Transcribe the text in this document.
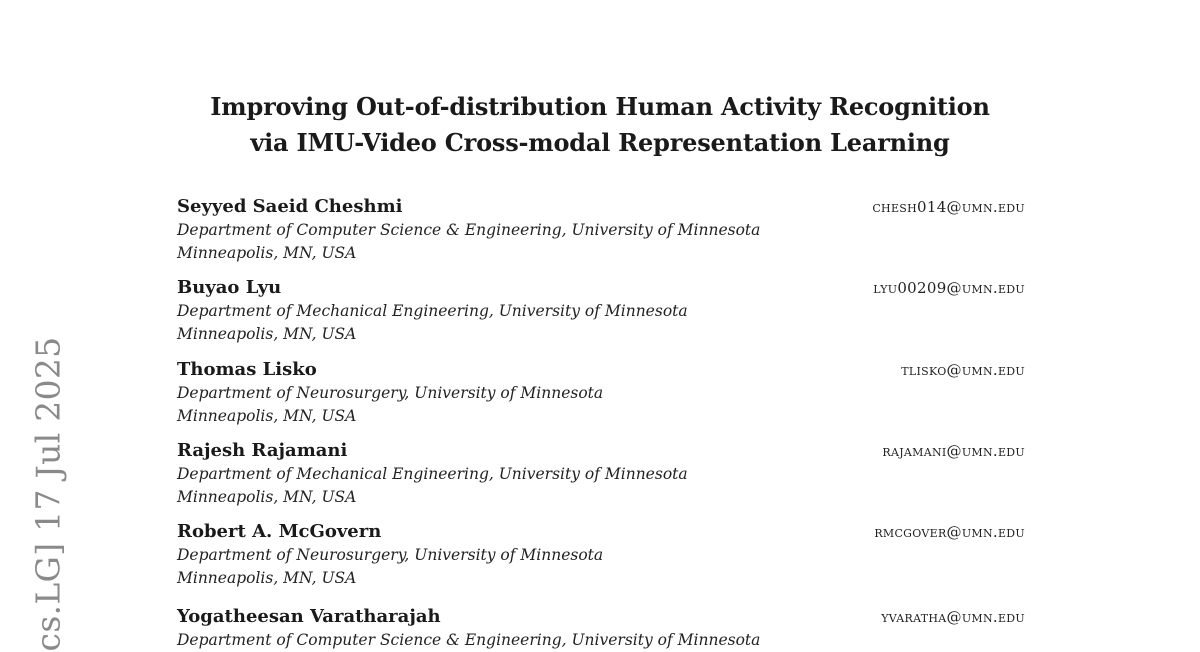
cs.LG] 17 Jul 2025
Improving Out-of-distribution Human Activity Recognition
via IMU-Video Cross-modal Representation Learning
Seyyed Saeid Cheshmi	chesh014@umn.edu
Department of Computer Science & Engineering, University of Minnesota
Minneapolis, MN, USA
Buyao Lyu	lyu00209@umn.edu
Department of Mechanical Engineering, University of Minnesota
Minneapolis, MN, USA
Thomas Lisko	tlisko@umn.edu
Department of Neurosurgery, University of Minnesota
Minneapolis, MN, USA
Rajesh Rajamani	rajamani@umn.edu
Department of Mechanical Engineering, University of Minnesota
Minneapolis, MN, USA
Robert A. McGovern	rmcgover@umn.edu
Department of Neurosurgery, University of Minnesota
Minneapolis, MN, USA
Yogatheesan Varatharajah	yvaratha@umn.edu
Department of Computer Science & Engineering, University of Minnesota
